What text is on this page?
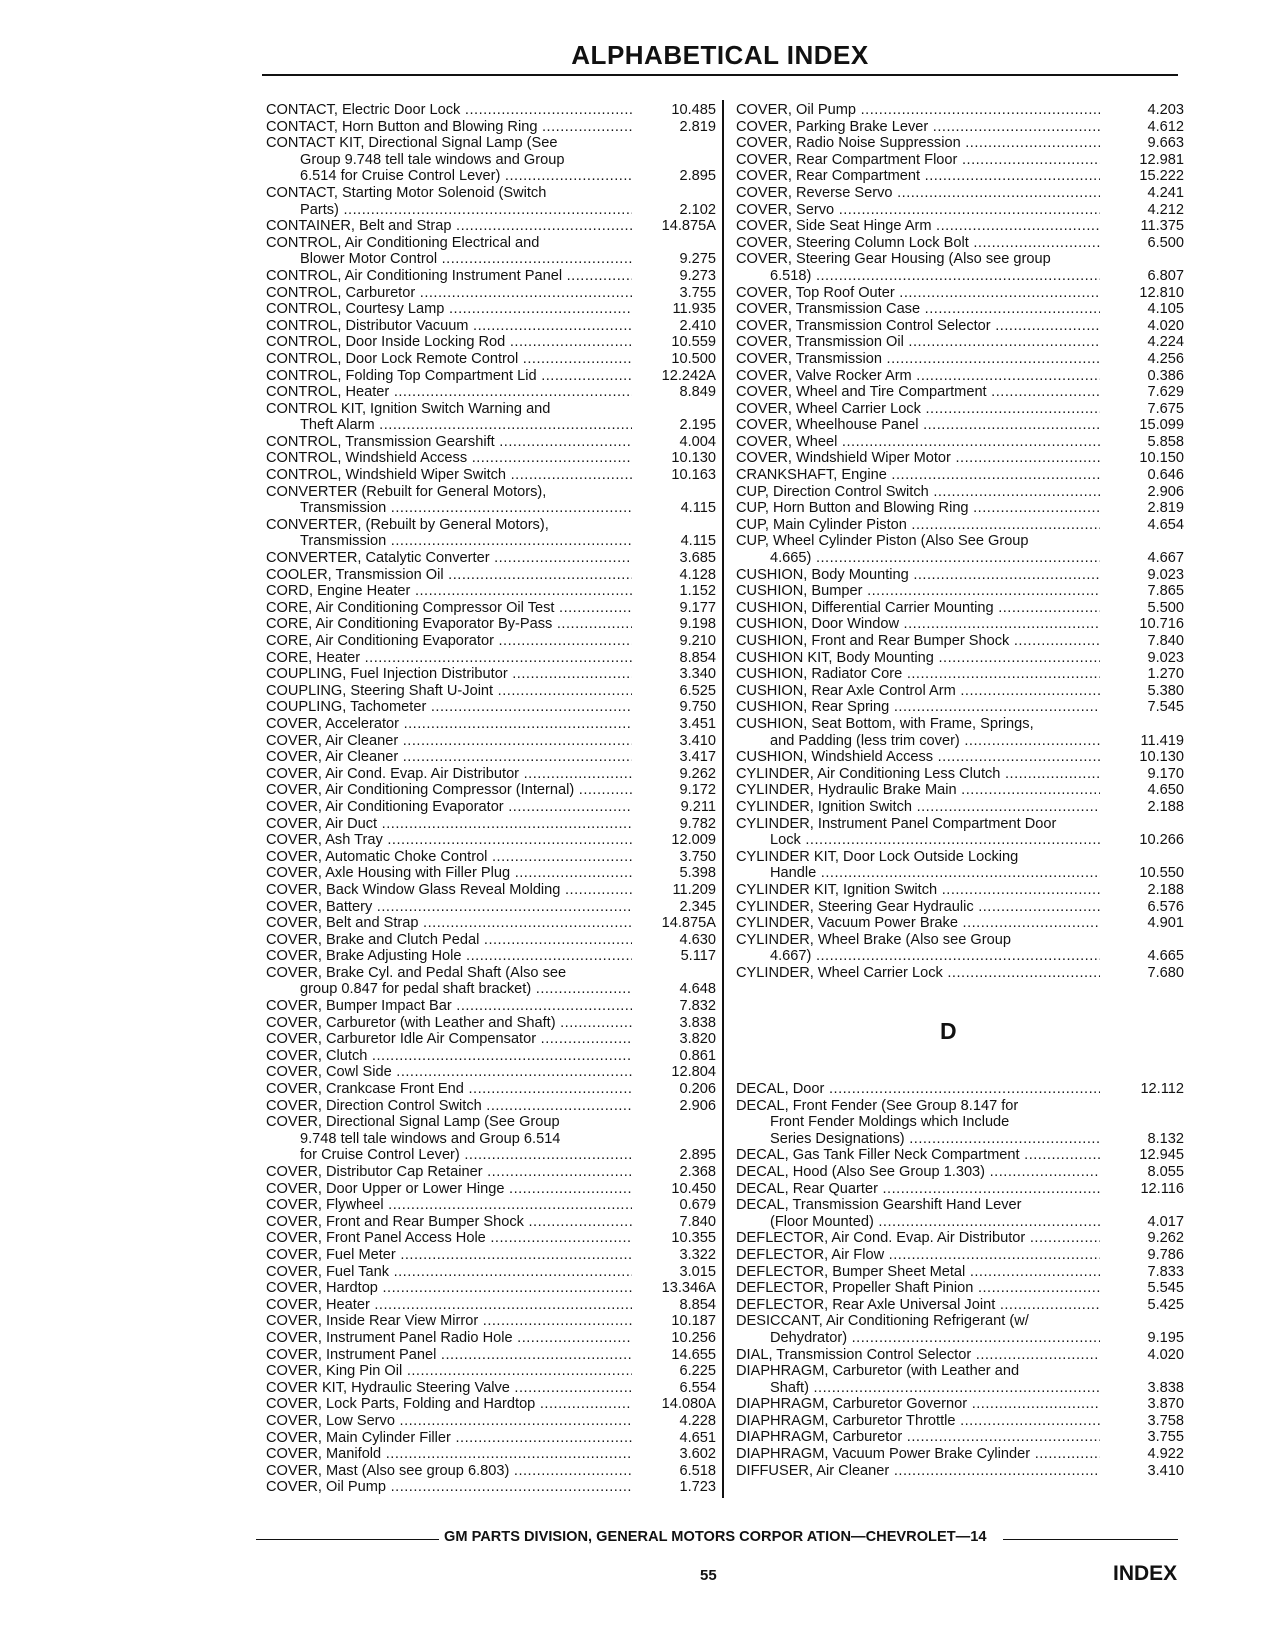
ALPHABETICAL INDEX
CONTACT, Electric Door Lock .....	10.485
CONTACT, Horn Button and Blowing Ring .....	2.819
CONTACT KIT, Directional Signal Lamp (See
Group 9.748 tell tale windows and Group
6.514 for Cruise Control Lever) .....	2.895
CONTACT, Starting Motor Solenoid (Switch
Parts) .....	2.102
CONTAINER, Belt and Strap .....	14.875A
CONTROL, Air Conditioning Electrical and
Blower Motor Control .....	9.275
CONTROL, Air Conditioning Instrument Panel .....	9.273
CONTROL, Carburetor .....	3.755
CONTROL, Courtesy Lamp .....	11.935
CONTROL, Distributor Vacuum .....	2.410
CONTROL, Door Inside Locking Rod .....	10.559
CONTROL, Door Lock Remote Control .....	10.500
CONTROL, Folding Top Compartment Lid .....	12.242A
CONTROL, Heater .....	8.849
CONTROL KIT, Ignition Switch Warning and
Theft Alarm .....	2.195
CONTROL, Transmission Gearshift .....	4.004
CONTROL, Windshield Access .....	10.130
CONTROL, Windshield Wiper Switch .....	10.163
CONVERTER (Rebuilt for General Motors),
Transmission .....	4.115
CONVERTER, (Rebuilt by General Motors),
Transmission .....	4.115
CONVERTER, Catalytic Converter .....	3.685
COOLER, Transmission Oil .....	4.128
CORD, Engine Heater .....	1.152
CORE, Air Conditioning Compressor Oil Test .....	9.177
CORE, Air Conditioning Evaporator By-Pass .....	9.198
CORE, Air Conditioning Evaporator .....	9.210
CORE, Heater .....	8.854
COUPLING, Fuel Injection Distributor .....	3.340
COUPLING, Steering Shaft U-Joint .....	6.525
COUPLING, Tachometer .....	9.750
COVER, Accelerator .....	3.451
COVER, Air Cleaner .....	3.410
COVER, Air Cleaner .....	3.417
COVER, Air Cond. Evap. Air Distributor .....	9.262
COVER, Air Conditioning Compressor (Internal) .....	9.172
COVER, Air Conditioning Evaporator .....	9.211
COVER, Air Duct .....	9.782
COVER, Ash Tray .....	12.009
COVER, Automatic Choke Control .....	3.750
COVER, Axle Housing with Filler Plug .....	5.398
COVER, Back Window Glass Reveal Molding .....	11.209
COVER, Battery .....	2.345
COVER, Belt and Strap .....	14.875A
COVER, Brake and Clutch Pedal .....	4.630
COVER, Brake Adjusting Hole .....	5.117
COVER, Brake Cyl. and Pedal Shaft (Also see
group 0.847 for pedal shaft bracket) .....	4.648
COVER, Bumper Impact Bar .....	7.832
COVER, Carburetor (with Leather and Shaft) .....	3.838
COVER, Carburetor Idle Air Compensator .....	3.820
COVER, Clutch .....	0.861
COVER, Cowl Side .....	12.804
COVER, Crankcase Front End .....	0.206
COVER, Direction Control Switch .....	2.906
COVER, Directional Signal Lamp (See Group
9.748 tell tale windows and Group 6.514
for Cruise Control Lever) .....	2.895
COVER, Distributor Cap Retainer .....	2.368
COVER, Door Upper or Lower Hinge .....	10.450
COVER, Flywheel .....	0.679
COVER, Front and Rear Bumper Shock .....	7.840
COVER, Front Panel Access Hole .....	10.355
COVER, Fuel Meter .....	3.322
COVER, Fuel Tank .....	3.015
COVER, Hardtop .....	13.346A
COVER, Heater .....	8.854
COVER, Inside Rear View Mirror .....	10.187
COVER, Instrument Panel Radio Hole .....	10.256
COVER, Instrument Panel .....	14.655
COVER, King Pin Oil .....	6.225
COVER KIT, Hydraulic Steering Valve .....	6.554
COVER, Lock Parts, Folding and Hardtop .....	14.080A
COVER, Low Servo .....	4.228
COVER, Main Cylinder Filler .....	4.651
COVER, Manifold .....	3.602
COVER, Mast (Also see group 6.803) .....	6.518
COVER, Oil Pump .....	1.723
COVER, Oil Pump .....	4.203
COVER, Parking Brake Lever .....	4.612
COVER, Radio Noise Suppression .....	9.663
COVER, Rear Compartment Floor .....	12.981
COVER, Rear Compartment .....	15.222
COVER, Reverse Servo .....	4.241
COVER, Servo .....	4.212
COVER, Side Seat Hinge Arm .....	11.375
COVER, Steering Column Lock Bolt .....	6.500
COVER, Steering Gear Housing (Also see group
6.518) .....	6.807
COVER, Top Roof Outer .....	12.810
COVER, Transmission Case .....	4.105
COVER, Transmission Control Selector .....	4.020
COVER, Transmission Oil .....	4.224
COVER, Transmission .....	4.256
COVER, Valve Rocker Arm .....	0.386
COVER, Wheel and Tire Compartment .....	7.629
COVER, Wheel Carrier Lock .....	7.675
COVER, Wheelhouse Panel .....	15.099
COVER, Wheel .....	5.858
COVER, Windshield Wiper Motor .....	10.150
CRANKSHAFT, Engine .....	0.646
CUP, Direction Control Switch .....	2.906
CUP, Horn Button and Blowing Ring .....	2.819
CUP, Main Cylinder Piston .....	4.654
CUP, Wheel Cylinder Piston (Also See Group
4.665) .....	4.667
CUSHION, Body Mounting .....	9.023
CUSHION, Bumper .....	7.865
CUSHION, Differential Carrier Mounting .....	5.500
CUSHION, Door Window .....	10.716
CUSHION, Front and Rear Bumper Shock .....	7.840
CUSHION KIT, Body Mounting .....	9.023
CUSHION, Radiator Core .....	1.270
CUSHION, Rear Axle Control Arm .....	5.380
CUSHION, Rear Spring .....	7.545
CUSHION, Seat Bottom, with Frame, Springs,
and Padding (less trim cover) .....	11.419
CUSHION, Windshield Access .....	10.130
CYLINDER, Air Conditioning Less Clutch .....	9.170
CYLINDER, Hydraulic Brake Main .....	4.650
CYLINDER, Ignition Switch .....	2.188
CYLINDER, Instrument Panel Compartment Door
Lock .....	10.266
CYLINDER KIT, Door Lock Outside Locking
Handle .....	10.550
CYLINDER KIT, Ignition Switch .....	2.188
CYLINDER, Steering Gear Hydraulic .....	6.576
CYLINDER, Vacuum Power Brake .....	4.901
CYLINDER, Wheel Brake (Also see Group
4.667) .....	4.665
CYLINDER, Wheel Carrier Lock .....	7.680
D
DECAL, Door .....	12.112
DECAL, Front Fender (See Group 8.147 for
Front Fender Moldings which Include
Series Designations) .....	8.132
DECAL, Gas Tank Filler Neck Compartment .....	12.945
DECAL, Hood (Also See Group 1.303) .....	8.055
DECAL, Rear Quarter .....	12.116
DECAL, Transmission Gearshift Hand Lever
(Floor Mounted) .....	4.017
DEFLECTOR, Air Cond. Evap. Air Distributor .....	9.262
DEFLECTOR, Air Flow .....	9.786
DEFLECTOR, Bumper Sheet Metal .....	7.833
DEFLECTOR, Propeller Shaft Pinion .....	5.545
DEFLECTOR, Rear Axle Universal Joint .....	5.425
DESICCANT, Air Conditioning Refrigerant (w/
Dehydrator) .....	9.195
DIAL, Transmission Control Selector .....	4.020
DIAPHRAGM, Carburetor (with Leather and
Shaft) .....	3.838
DIAPHRAGM, Carburetor Governor .....	3.870
DIAPHRAGM, Carburetor Throttle .....	3.758
DIAPHRAGM, Carburetor .....	3.755
DIAPHRAGM, Vacuum Power Brake Cylinder .....	4.922
DIFFUSER, Air Cleaner .....	3.410
GM PARTS DIVISION, GENERAL MOTORS CORPOR ATION—CHEVROLET—14
55	INDEX
